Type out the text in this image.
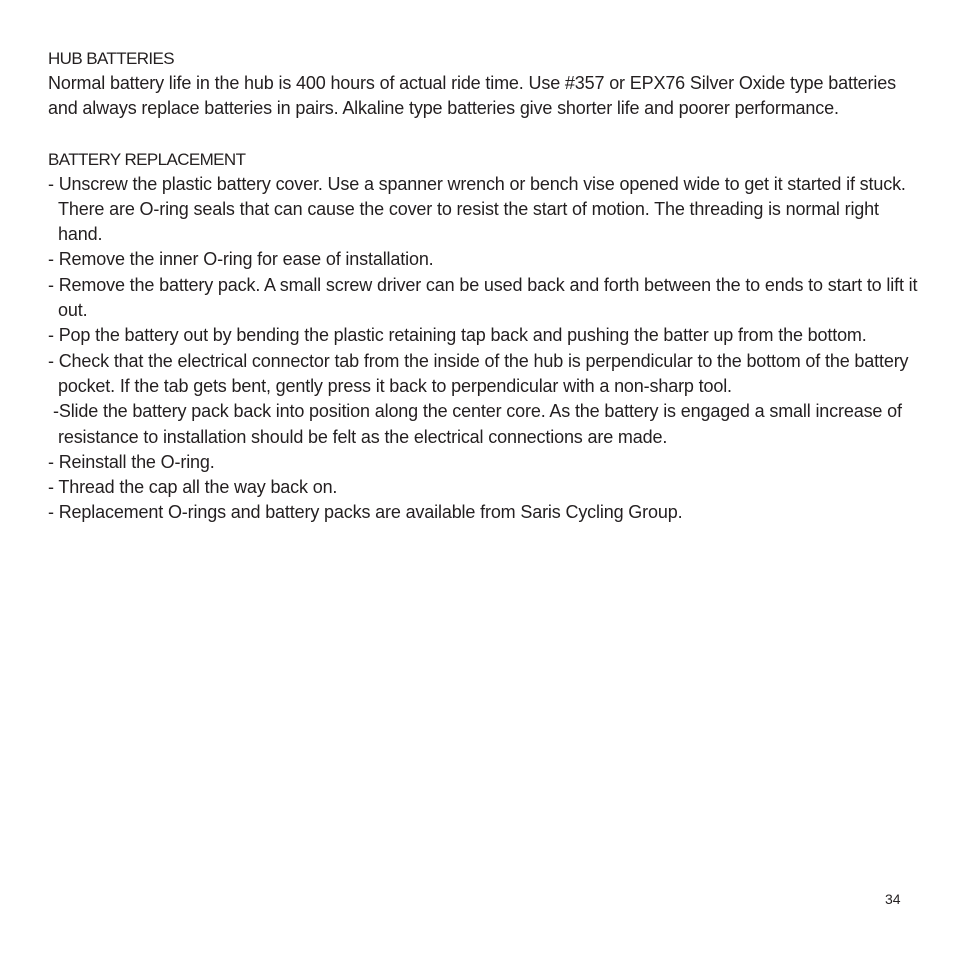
HUB BATTERIES

Normal battery life in the hub is 400 hours of actual ride time. Use #357 or EPX76 Silver Oxide type batteries and always replace batteries in pairs. Alkaline type batteries give shorter life and poorer performance.

BATTERY REPLACEMENT
- Unscrew the plastic battery cover. Use a spanner wrench or bench vise opened wide to get it started if stuck. There are O-ring seals that can cause the cover to resist the start of motion. The threading is normal right hand.
- Remove the inner O-ring for ease of installation.
- Remove the battery pack. A small screw driver can be used back and forth between the to ends to start to lift it out.
- Pop the battery out by bending the plastic retaining tap back and pushing the batter up from the bottom.
- Check that the electrical connector tab from the inside of the hub is perpendicular to the bottom of the battery pocket. If the tab gets bent, gently press it back to perpendicular with a non-sharp tool.
-Slide the battery pack back into position along the center core. As the battery is engaged a small increase of resistance to installation should be felt as the electrical connections are made.
- Reinstall the O-ring.
- Thread the cap all the way back on.
- Replacement O-rings and battery packs are available from Saris Cycling Group.
34
